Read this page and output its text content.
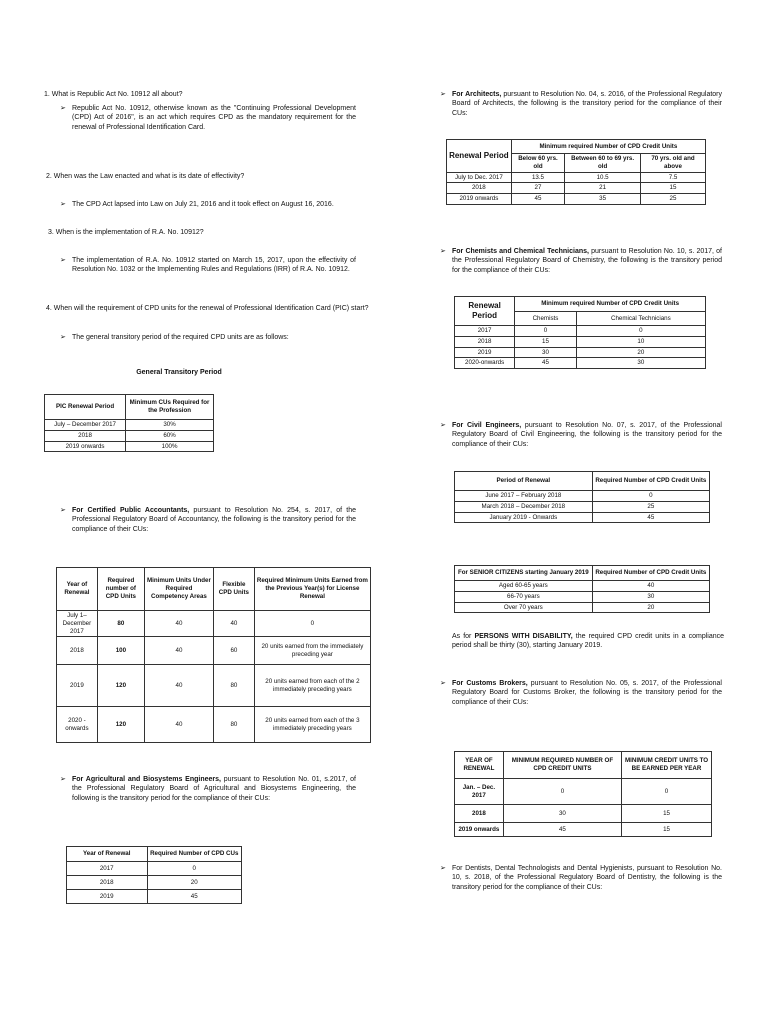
1. What is Republic Act No. 10912 all about?
➢ Republic Act No. 10912, otherwise known as the "Continuing Professional Development (CPD) Act of 2016", is an act which requires CPD as the mandatory requirement for the renewal of Professional Identification Card.
2. When was the Law enacted and what is its date of effectivity?
➢ The CPD Act lapsed into Law on July 21, 2016 and it took effect on August 16, 2016.
3. When is the implementation of R.A. No. 10912?
➢ The implementation of R.A. No. 10912 started on March 15, 2017, upon the effectivity of Resolution No. 1032 or the Implementing Rules and Regulations (IRR) of R.A. No. 10912.
4. When will the requirement of CPD units for the renewal of Professional Identification Card (PIC) start?
➢ The general transitory period of the required CPD units are as follows:
General Transitory Period
PIC Renewal Period	Minimum CUs Required for the Profession
July – December 2017	30%
2018	60%
2019 onwards	100%
➢ For Certified Public Accountants, pursuant to Resolution No. 254, s. 2017, of the Professional Regulatory Board of Accountancy, the following is the transitory period for the compliance of their CUs:
Year of Renewal	Required number of CPD Units	Minimum Units Under Required Competency Areas	Flexible CPD Units	Required Minimum Units Earned from the Previous Year(s) for License Renewal
July 1–December 2017	80	40	40	0
2018	100	40	60	20 units earned from the immediately preceding year
2019	120	40	80	20 units earned from each of the 2 immediately preceding years
2020 - onwards	120	40	80	20 units earned from each of the 3 immediately preceding years
➢ For Agricultural and Biosystems Engineers, pursuant to Resolution No. 01, s.2017, of the Professional Regulatory Board of Agricultural and Biosystems Engineering, the following is the transitory period for the compliance of their CUs:
Year of Renewal	Required Number of CPD CUs
2017	0
2018	20
2019	45
➢ For Architects, pursuant to Resolution No. 04, s. 2016, of the Professional Regulatory Board of Architects, the following is the transitory period for the compliance of their CUs:
Renewal Period	Minimum required Number of CPD Credit Units		
	Below 60 yrs. old	Between 60 to 69 yrs. old	70 yrs. old and above
July to Dec. 2017	13.5	10.5	7.5
2018	27	21	15
2019 onwards	45	35	25
➢ For Chemists and Chemical Technicians, pursuant to Resolution No. 10, s. 2017, of the Professional Regulatory Board of Chemistry, the following is the transitory period for the compliance of their CUs:
Renewal Period	Minimum required Number of CPD Credit Units	
	Chemists	Chemical Technicians
2017	0	0
2018	15	10
2019	30	20
2020-onwards	45	30
➢ For Civil Engineers, pursuant to Resolution No. 07, s. 2017, of the Professional Regulatory Board of Civil Engineering, the following is the transitory period for the compliance of their CUs:
Period of Renewal	Required Number of CPD Credit Units
June 2017 – February 2018	0
March 2018 – December 2018	25
January 2019 - Onwards	45
For SENIOR CITIZENS starting January 2019	Required Number of CPD Credit Units
Aged 60-65 years	40
66-70 years	30
Over 70 years	20
As for PERSONS WITH DISABILITY, the required CPD credit units in a compliance period shall be thirty (30), starting January 2019.
➢ For Customs Brokers, pursuant to Resolution No. 05, s. 2017, of the Professional Regulatory Board for Customs Broker, the following is the transitory period for the compliance of their CUs:
YEAR OF RENEWAL	MINIMUM REQUIRED NUMBER OF CPD CREDIT UNITS	MINIMUM CREDIT UNITS TO BE EARNED PER YEAR
Jan. – Dec. 2017	0	0
2018	30	15
2019 onwards	45	15
➢ For Dentists, Dental Technologists and Dental Hygienists, pursuant to Resolution No. 10, s. 2018, of the Professional Regulatory Board of Dentistry, the following is the transitory period for the compliance of their CUs:
